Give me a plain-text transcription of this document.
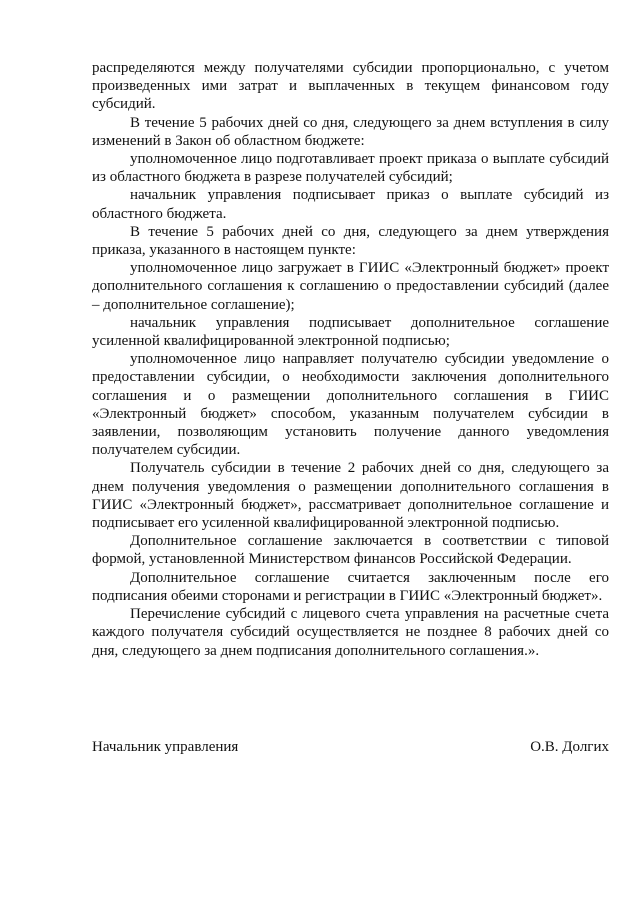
распределяются между получателями субсидии пропорционально, с учетом произведенных ими затрат и выплаченных в текущем финансовом году субсидий.

В течение 5 рабочих дней со дня, следующего за днем вступления в силу изменений в Закон об областном бюджете:

уполномоченное лицо подготавливает проект приказа о выплате субсидий из областного бюджета в разрезе получателей субсидий;

начальник управления подписывает приказ о выплате субсидий из областного бюджета.

В течение 5 рабочих дней со дня, следующего за днем утверждения приказа, указанного в настоящем пункте:

уполномоченное лицо загружает в ГИИС «Электронный бюджет» проект дополнительного соглашения к соглашению о предоставлении субсидий (далее – дополнительное соглашение);

начальник управления подписывает дополнительное соглашение усиленной квалифицированной электронной подписью;

уполномоченное лицо направляет получателю субсидии уведомление о предоставлении субсидии, о необходимости заключения дополнительного соглашения и о размещении дополнительного соглашения в ГИИС «Электронный бюджет» способом, указанным получателем субсидии в заявлении, позволяющим установить получение данного уведомления получателем субсидии.

Получатель субсидии в течение 2 рабочих дней со дня, следующего за днем получения уведомления о размещении дополнительного соглашения в ГИИС «Электронный бюджет», рассматривает дополнительное соглашение и подписывает его усиленной квалифицированной электронной подписью.

Дополнительное соглашение заключается в соответствии с типовой формой, установленной Министерством финансов Российской Федерации.

Дополнительное соглашение считается заключенным после его подписания обеими сторонами и регистрации в ГИИС «Электронный бюджет».

Перечисление субсидий с лицевого счета управления на расчетные счета каждого получателя субсидий осуществляется не позднее 8 рабочих дней со дня, следующего за днем подписания дополнительного соглашения.».

Начальник управления	О.В. Долгих
